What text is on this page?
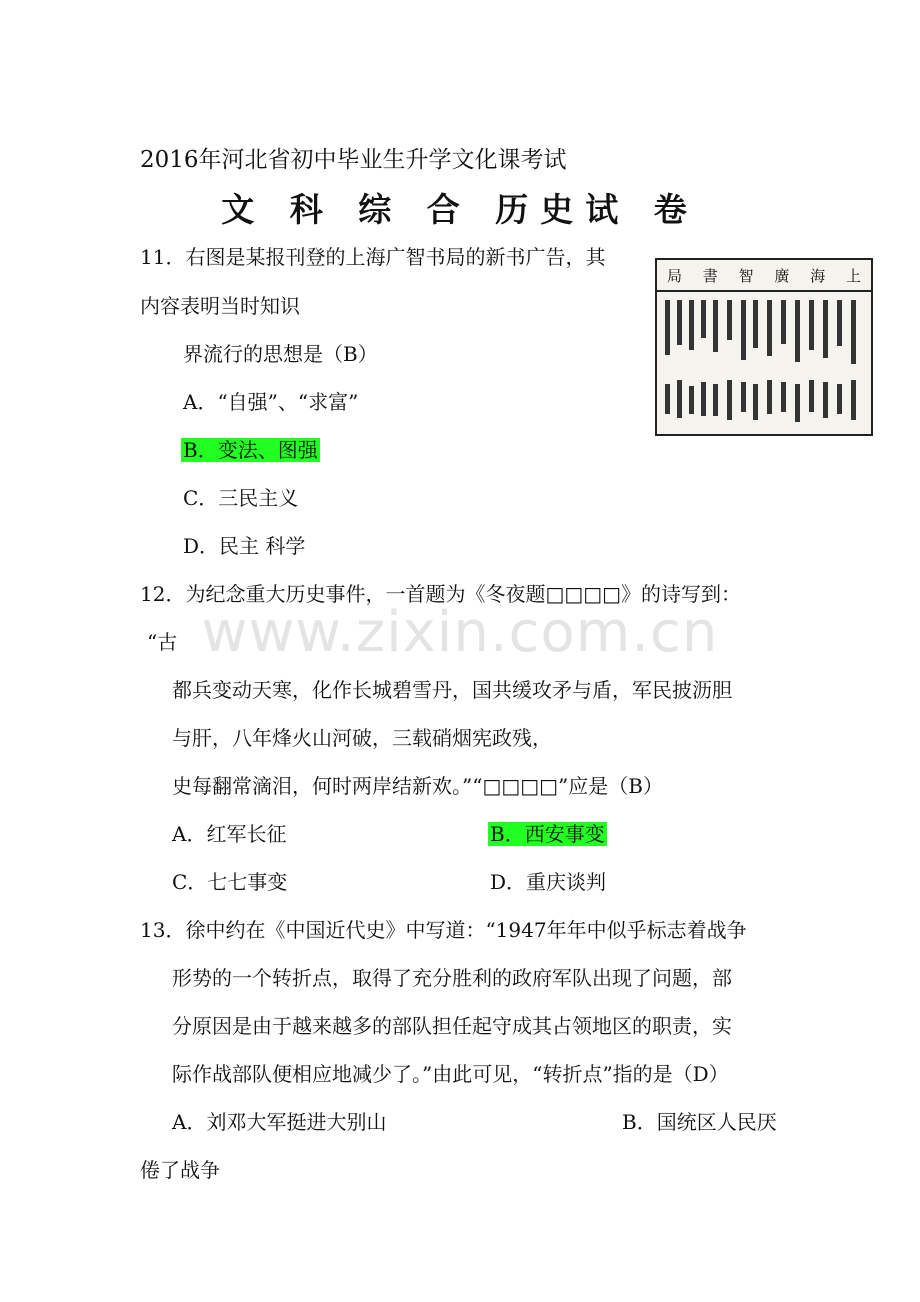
2016年河北省初中毕业生升学文化课考试
文 科 综 合 历史试 卷
www.zixin.com.cn
11．右图是某报刊登的上海广智书局的新书广告，其
内容表明当时知识
界流行的思想是（B）
A．“自强”、“求富”
B．变法、图强
C．三民主义
D．民主 科学
局 書 智 廣 海 上
12．为纪念重大历史事件，一首题为《冬夜题□□□□》的诗写到：
“古
都兵变动天寒，化作长城碧雪丹，国共缓攻矛与盾，军民披沥胆
与肝，八年烽火山河破，三载硝烟宪政残，
史每翻常滴泪，何时两岸结新欢。”“□□□□”应是（B）
A．红军长征	B．西安事变
C．七七事变	D．重庆谈判
13．徐中约在《中国近代史》中写道：“1947年年中似乎标志着战争
形势的一个转折点，取得了充分胜利的政府军队出现了问题，部
分原因是由于越来越多的部队担任起守成其占领地区的职责，实
际作战部队便相应地减少了。”由此可见，“转折点”指的是（D）
A．刘邓大军挺进大别山	B．国统区人民厌
倦了战争
